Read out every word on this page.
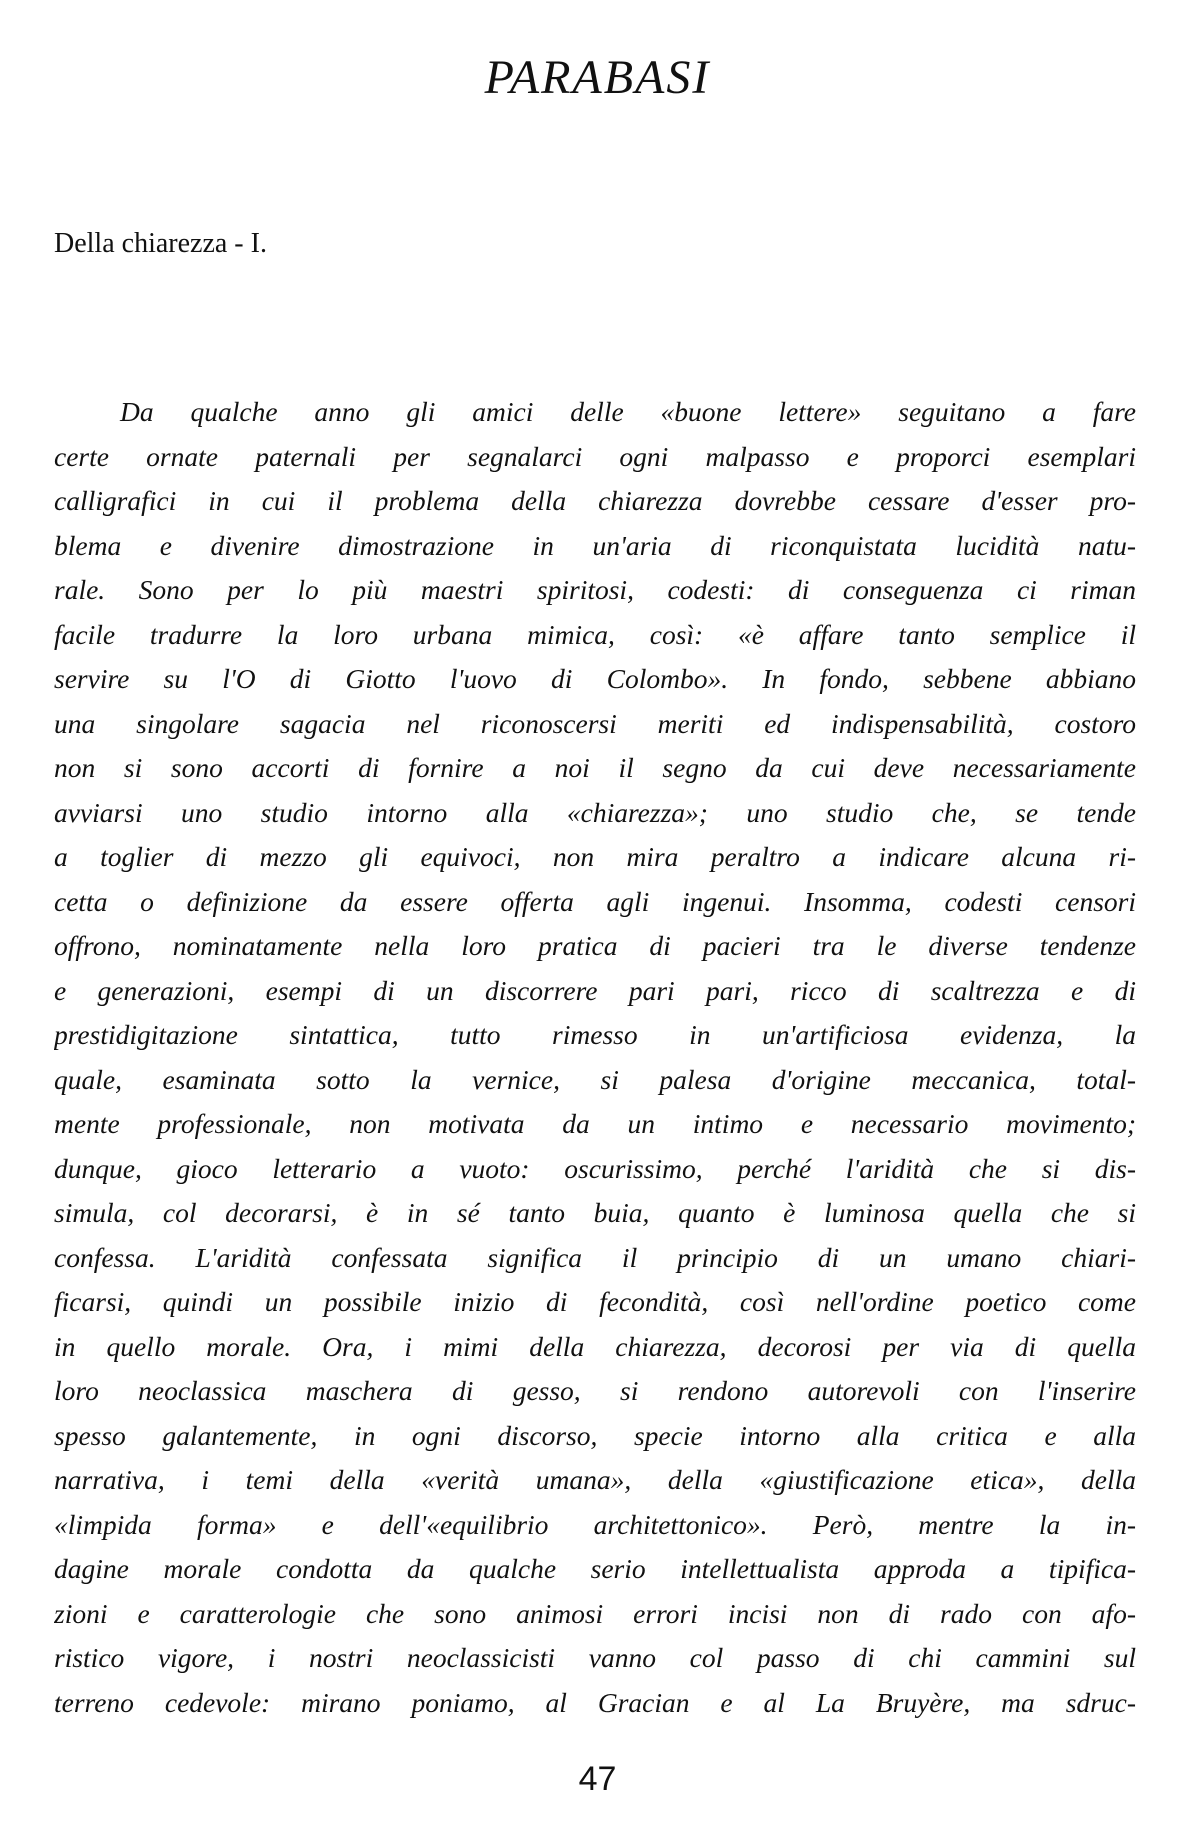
PARABASI
Della chiarezza - I.
Da qualche anno gli amici delle «buone lettere» seguitano a fare
certe ornate paternali per segnalarci ogni malpasso e proporci esemplari
calligrafici in cui il problema della chiarezza dovrebbe cessare d'esser pro-
blema e divenire dimostrazione in un'aria di riconquistata lucidità natu-
rale. Sono per lo più maestri spiritosi, codesti: di conseguenza ci riman
facile tradurre la loro urbana mimica, così: «è affare tanto semplice il
servire su l'O di Giotto l'uovo di Colombo». In fondo, sebbene abbiano
una singolare sagacia nel riconoscersi meriti ed indispensabilità, costoro
non si sono accorti di fornire a noi il segno da cui deve necessariamente
avviarsi uno studio intorno alla «chiarezza»; uno studio che, se tende
a toglier di mezzo gli equivoci, non mira peraltro a indicare alcuna ri-
cetta o definizione da essere offerta agli ingenui. Insomma, codesti censori
offrono, nominatamente nella loro pratica di pacieri tra le diverse tendenze
e generazioni, esempi di un discorrere pari pari, ricco di scaltrezza e di
prestidigitazione sintattica, tutto rimesso in un'artificiosa evidenza, la
quale, esaminata sotto la vernice, si palesa d'origine meccanica, total-
mente professionale, non motivata da un intimo e necessario movimento;
dunque, gioco letterario a vuoto: oscurissimo, perché l'aridità che si dis-
simula, col decorarsi, è in sé tanto buia, quanto è luminosa quella che si
confessa. L'aridità confessata significa il principio di un umano chiari-
ficarsi, quindi un possibile inizio di fecondità, così nell'ordine poetico come
in quello morale. Ora, i mimi della chiarezza, decorosi per via di quella
loro neoclassica maschera di gesso, si rendono autorevoli con l'inserire
spesso galantemente, in ogni discorso, specie intorno alla critica e alla
narrativa, i temi della «verità umana», della «giustificazione etica», della
«limpida forma» e dell'«equilibrio architettonico». Però, mentre la in-
dagine morale condotta da qualche serio intellettualista approda a tipifica-
zioni e caratterologie che sono animosi errori incisi non di rado con afo-
ristico vigore, i nostri neoclassicisti vanno col passo di chi cammini sul
terreno cedevole: mirano poniamo, al Gracian e al La Bruyère, ma sdruc-
47
